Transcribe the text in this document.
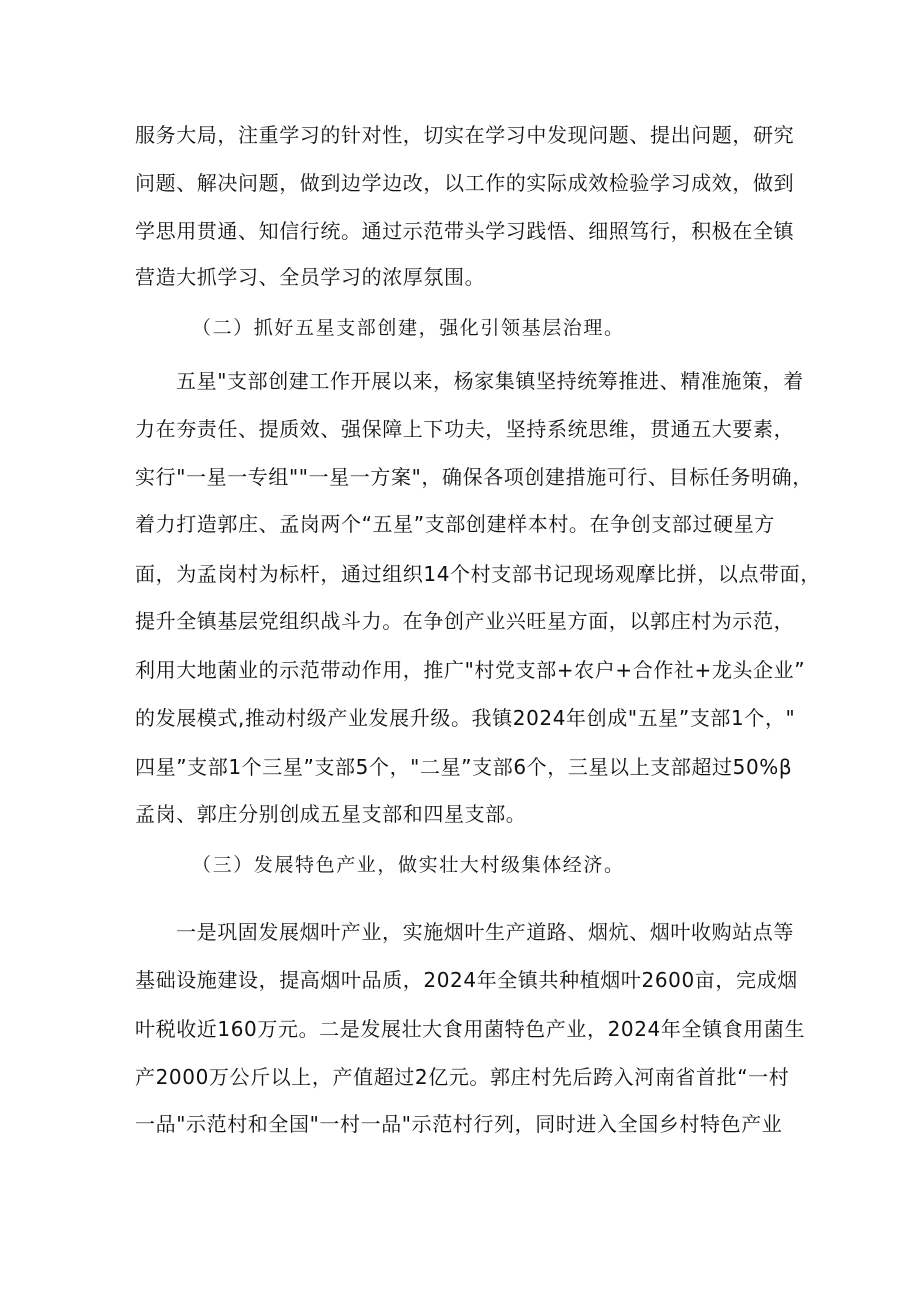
服务大局，注重学习的针对性，切实在学习中发现问题、提出问题，研究
问题、解决问题，做到边学边改，以工作的实际成效检验学习成效，做到
学思用贯通、知信行统。通过示范带头学习践悟、细照笃行，积极在全镇
营造大抓学习、全员学习的浓厚氛围。
（二）抓好五星支部创建，强化引领基层治理。
五星"支部创建工作开展以来，杨家集镇坚持统筹推进、精准施策，着
力在夯责任、提质效、强保障上下功夫，坚持系统思维，贯通五大要素，
实行"一星一专组""一星一方案"，确保各项创建措施可行、目标任务明确，
着力打造郭庄、孟岗两个“五星”支部创建样本村。在争创支部过硬星方
面，为孟岗村为标杆，通过组织14个村支部书记现场观摩比拼，以点带面，
提升全镇基层党组织战斗力。在争创产业兴旺星方面，以郭庄村为示范，
利用大地菌业的示范带动作用，推广"村党支部+农户+合作社+龙头企业”
的发展模式,推动村级产业发展升级。我镇2024年创成"五星”支部1个，"
四星”支部1个三星”支部5个，"二星”支部6个，三星以上支部超过50%β
孟岗、郭庄分别创成五星支部和四星支部。
（三）发展特色产业，做实壮大村级集体经济。
一是巩固发展烟叶产业，实施烟叶生产道路、烟炕、烟叶收购站点等
基础设施建设，提高烟叶品质，2024年全镇共种植烟叶2600亩，完成烟
叶税收近160万元。二是发展壮大食用菌特色产业，2024年全镇食用菌生
产2000万公斤以上，产值超过2亿元。郭庄村先后跨入河南省首批“一村
一品"示范村和全国"一村一品"示范村行列，同时进入全国乡村特色产业
